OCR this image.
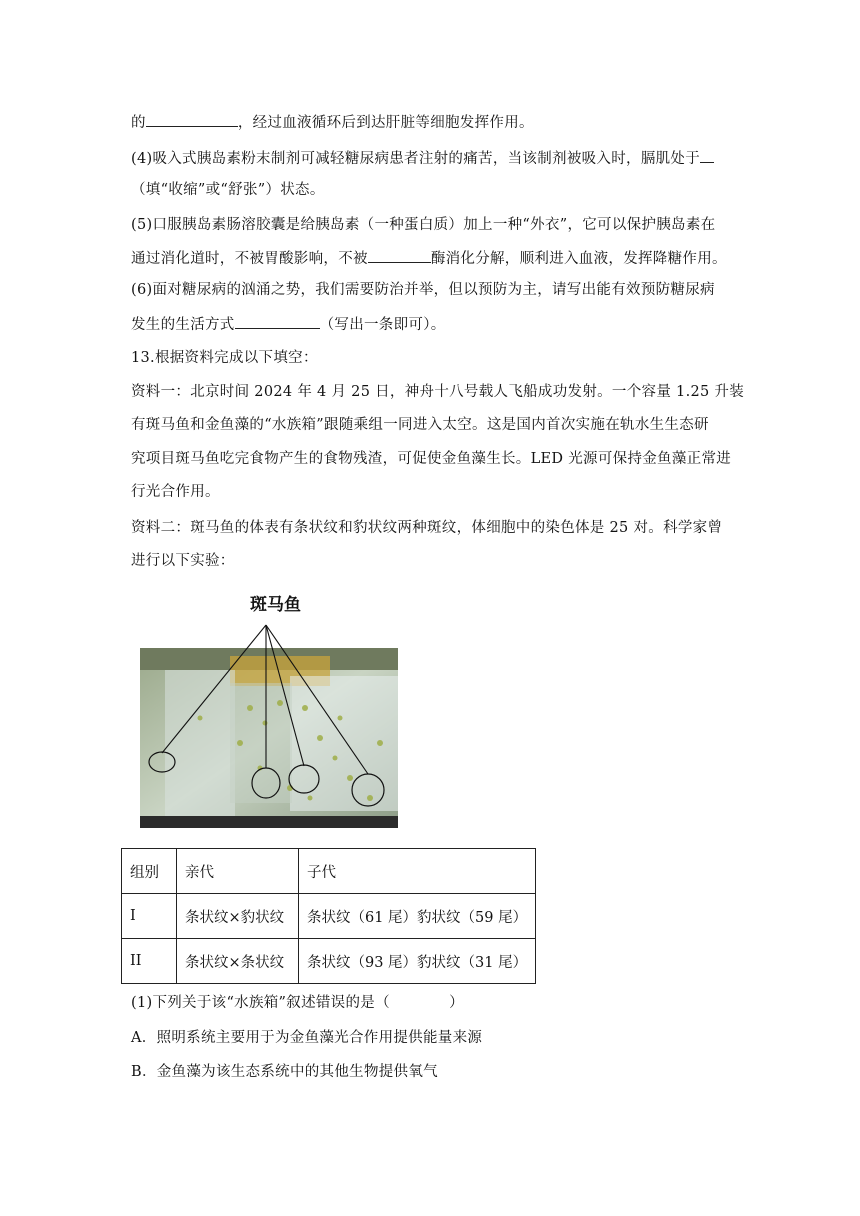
的	，经过血液循环后到达肝脏等细胞发挥作用。
(4)吸入式胰岛素粉末制剂可减轻糖尿病患者注射的痛苦，当该制剂被吸入时，膈肌处于
（填“收缩”或“舒张”）状态。
(5)口服胰岛素肠溶胶囊是给胰岛素（一种蛋白质）加上一种“外衣”，它可以保护胰岛素在
通过消化道时，不被胃酸影响，不被	酶消化分解，顺利进入血液，发挥降糖作用。
(6)面对糖尿病的汹涌之势，我们需要防治并举，但以预防为主，请写出能有效预防糖尿病
发生的生活方式	（写出一条即可）。
13.根据资料完成以下填空：
资料一：北京时间 2024 年 4 月 25 日，神舟十八号载人飞船成功发射。一个容量 1.25 升装
有斑马鱼和金鱼藻的“水族箱”跟随乘组一同进入太空。这是国内首次实施在轨水生生态研
究项目斑马鱼吃完食物产生的食物残渣，可促使金鱼藻生长。LED 光源可保持金鱼藻正常进
行光合作用。
资料二：斑马鱼的体表有条状纹和豹状纹两种斑纹，体细胞中的染色体是 25 对。科学家曾
进行以下实验：
斑马鱼
组别	亲代	子代
I	条状纹×豹状纹	条状纹（61 尾）豹状纹（59 尾）
II	条状纹×条状纹	条状纹（93 尾）豹状纹（31 尾）
(1)下列关于该“水族箱”叙述错误的是（　　　　）
A．照明系统主要用于为金鱼藻光合作用提供能量来源
B．金鱼藻为该生态系统中的其他生物提供氧气
